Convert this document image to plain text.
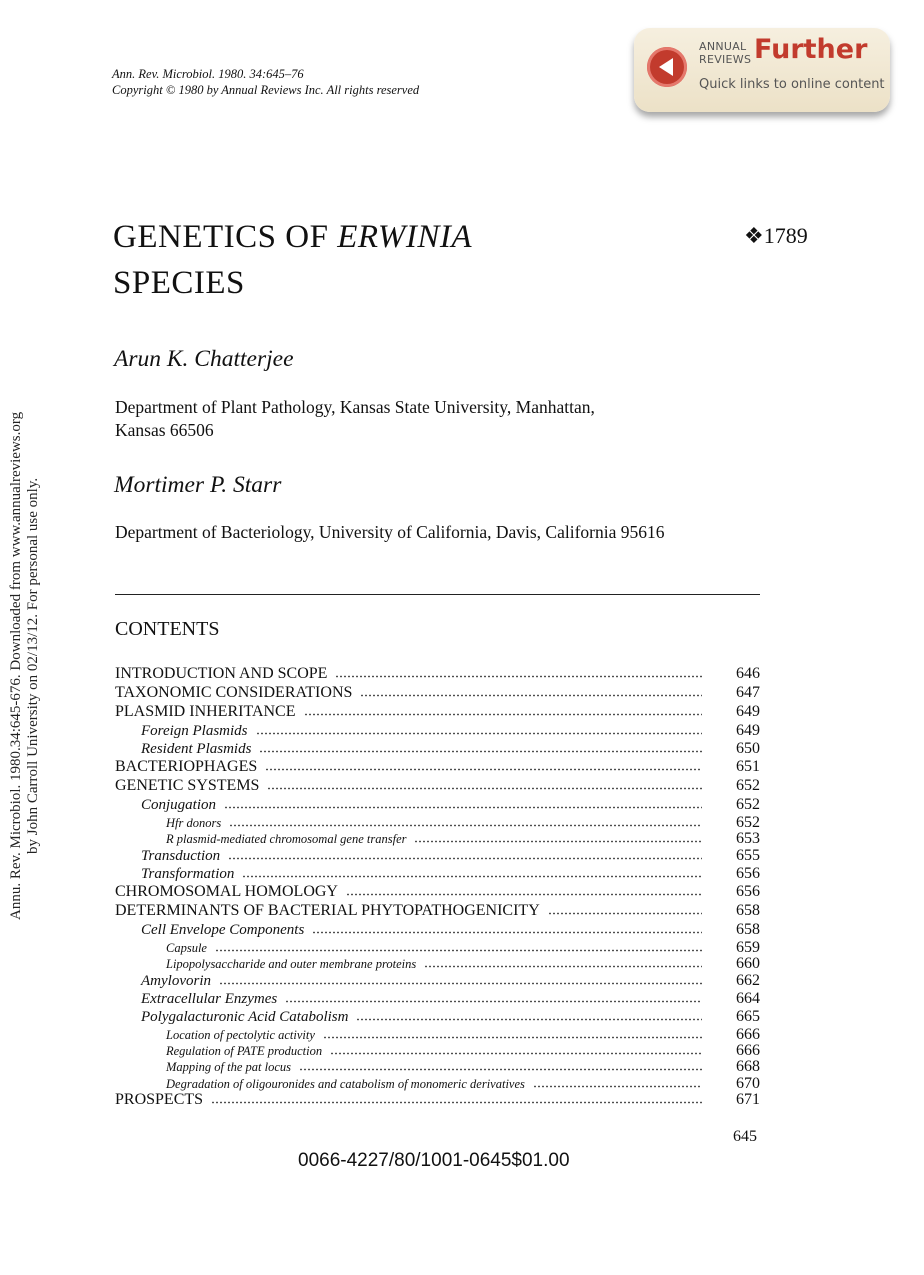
Ann. Rev. Microbiol. 1980. 34:645–76
Copyright © 1980 by Annual Reviews Inc. All rights reserved
ANNUAL
REVIEWS Further
Quick links to online content
GENETICS OF ERWINIA
SPECIES
❖1789
Arun K. Chatterjee
Department of Plant Pathology, Kansas State University, Manhattan,
Kansas 66506
Mortimer P. Starr
Department of Bacteriology, University of California, Davis, California 95616
CONTENTS
INTRODUCTION AND SCOPE	646
TAXONOMIC CONSIDERATIONS	647
PLASMID INHERITANCE	649
Foreign Plasmids	649
Resident Plasmids	650
BACTERIOPHAGES	651
GENETIC SYSTEMS	652
Conjugation	652
Hfr donors	652
R plasmid-mediated chromosomal gene transfer	653
Transduction	655
Transformation	656
CHROMOSOMAL HOMOLOGY	656
DETERMINANTS OF BACTERIAL PHYTOPATHOGENICITY	658
Cell Envelope Components	658
Capsule	659
Lipopolysaccharide and outer membrane proteins	660
Amylovorin	662
Extracellular Enzymes	664
Polygalacturonic Acid Catabolism	665
Location of pectolytic activity	666
Regulation of PATE production	666
Mapping of the pat locus	668
Degradation of oligouronides and catabolism of monomeric derivatives	670
PROSPECTS	671
645
0066-4227/80/1001-0645$01.00
Annu. Rev. Microbiol. 1980.34:645-676. Downloaded from www.annualreviews.org by John Carroll University on 02/13/12. For personal use only.
